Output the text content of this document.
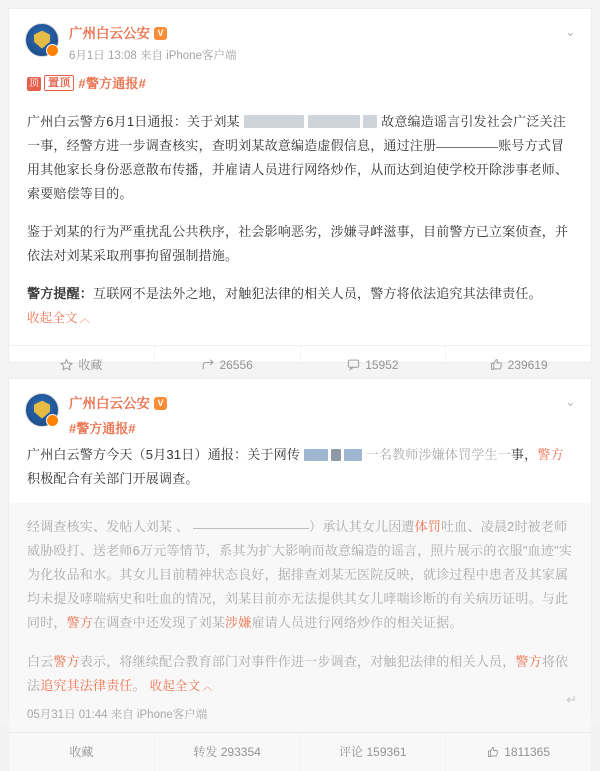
广州白云公安 V
6月1日 13:08 来自 iPhone客户端
⌄

顶 置顶 #警方通报#

广州白云警方6月1日通报：关于刘某	故意编造谣言引发社会广泛关注一事，经警方进一步调查核实，查明刘某故意编造虚假信息，通过注册	账号方式冒用其他家长身份恶意散布传播，并雇请人员进行网络炒作，从而达到迫使学校开除涉事老师、索要赔偿等目的。

鉴于刘某的行为严重扰乱公共秩序，社会影响恶劣，涉嫌寻衅滋事，目前警方已立案侦查，并依法对刘某采取刑事拘留强制措施。

警方提醒：互联网不是法外之地，对触犯法律的相关人员，警方将依法追究其法律责任。 收起全文 ︿

收藏	26556	15952	239619
广州白云公安 V
#警方通报#
⌄

广州白云警方今天（5月31日）通报：关于网传	一名教师涉嫌体罚学生一事，警方积极配合有关部门开展调查。

经调查核实、发帖人刘某 、	）承认其女儿因遭体罚吐血、凌晨2时被老师威胁殴打、送老师6万元等情节，系其为扩大影响而故意编造的谣言，照片展示的衣服"血迹"实为化妆品和水。其女儿目前精神状态良好，据排查刘某无医院反映，就诊过程中患者及其家属均未提及哮喘病史和吐血的情况，刘某目前亦无法提供其女儿哮喘诊断的有关病历证明。与此同时，警方在调查中还发现了刘某涉嫌雇请人员进行网络炒作的相关证据。

白云警方表示，将继续配合教育部门对事件作进一步调查，对触犯法律的相关人员，警方将依法追究其法律责任。 收起全文 ︿

05月31日 01:44 来自 iPhone客户端
收藏	转发 293354	评论 159361	1811365
↵
